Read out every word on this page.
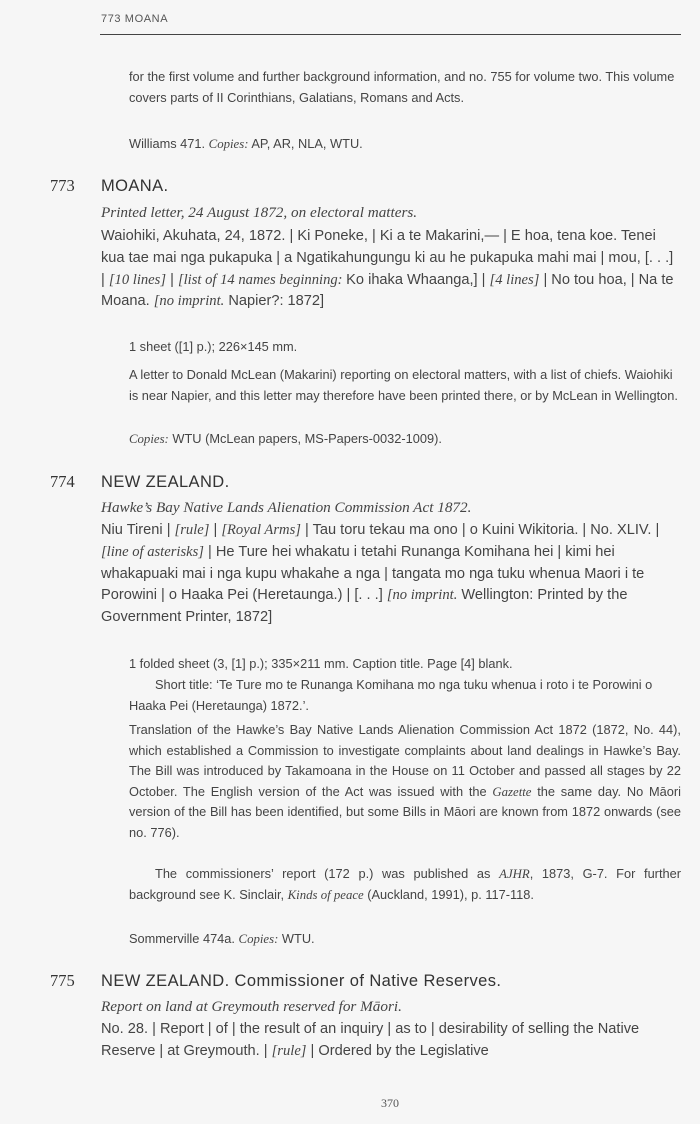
773 MOANA
for the first volume and further background information, and no. 755 for volume two. This volume covers parts of II Corinthians, Galatians, Romans and Acts.
Williams 471. Copies: AP, AR, NLA, WTU.
773 MOANA.
Printed letter, 24 August 1872, on electoral matters.
Waiohiki, Akuhata, 24, 1872. | Ki Poneke, | Ki a te Makarini,— | E hoa, tena koe. Tenei kua tae mai nga pukapuka | a Ngatikahungungu ki au he pukapuka mahi mai | mou, [. . .] | [10 lines] | [list of 14 names beginning: Ko ihaka Whaanga,] | [4 lines] | No tou hoa, | Na te Moana. [no imprint. Napier?: 1872]
1 sheet ([1] p.); 226×145 mm.
A letter to Donald McLean (Makarini) reporting on electoral matters, with a list of chiefs. Waiohiki is near Napier, and this letter may therefore have been printed there, or by McLean in Wellington.
Copies: WTU (McLean papers, MS-Papers-0032-1009).
774 NEW ZEALAND.
Hawke’s Bay Native Lands Alienation Commission Act 1872.
Niu Tireni | [rule] | [Royal Arms] | Tau toru tekau ma ono | o Kuini Wikitoria. | No. XLIV. | [line of asterisks] | He Ture hei whakatu i tetahi Runanga Komihana hei | kimi hei whakapuaki mai i nga kupu whakahe a nga | tangata mo nga tuku whenua Maori i te Porowini | o Haaka Pei (Heretaunga.) | [. . .] [no imprint. Wellington: Printed by the Government Printer, 1872]
1 folded sheet (3, [1] p.); 335×211 mm. Caption title. Page [4] blank.
Short title: ‘Te Ture mo te Runanga Komihana mo nga tuku whenua i roto i te Porowini o Haaka Pei (Heretaunga) 1872.’.
Translation of the Hawke’s Bay Native Lands Alienation Commission Act 1872 (1872, No. 44), which established a Commission to investigate complaints about land dealings in Hawke’s Bay. The Bill was introduced by Takamoana in the House on 11 October and passed all stages by 22 October. The English version of the Act was issued with the Gazette the same day. No Māori version of the Bill has been identified, but some Bills in Māori are known from 1872 onwards (see no. 776).
The commissioners’ report (172 p.) was published as AJHR, 1873, G-7. For further background see K. Sinclair, Kinds of peace (Auckland, 1991), p. 117-118.
Sommerville 474a. Copies: WTU.
775 NEW ZEALAND. Commissioner of Native Reserves.
Report on land at Greymouth reserved for Māori.
No. 28. | Report | of | the result of an inquiry | as to | desirability of selling the Native Reserve | at Greymouth. | [rule] | Ordered by the Legislative
370
